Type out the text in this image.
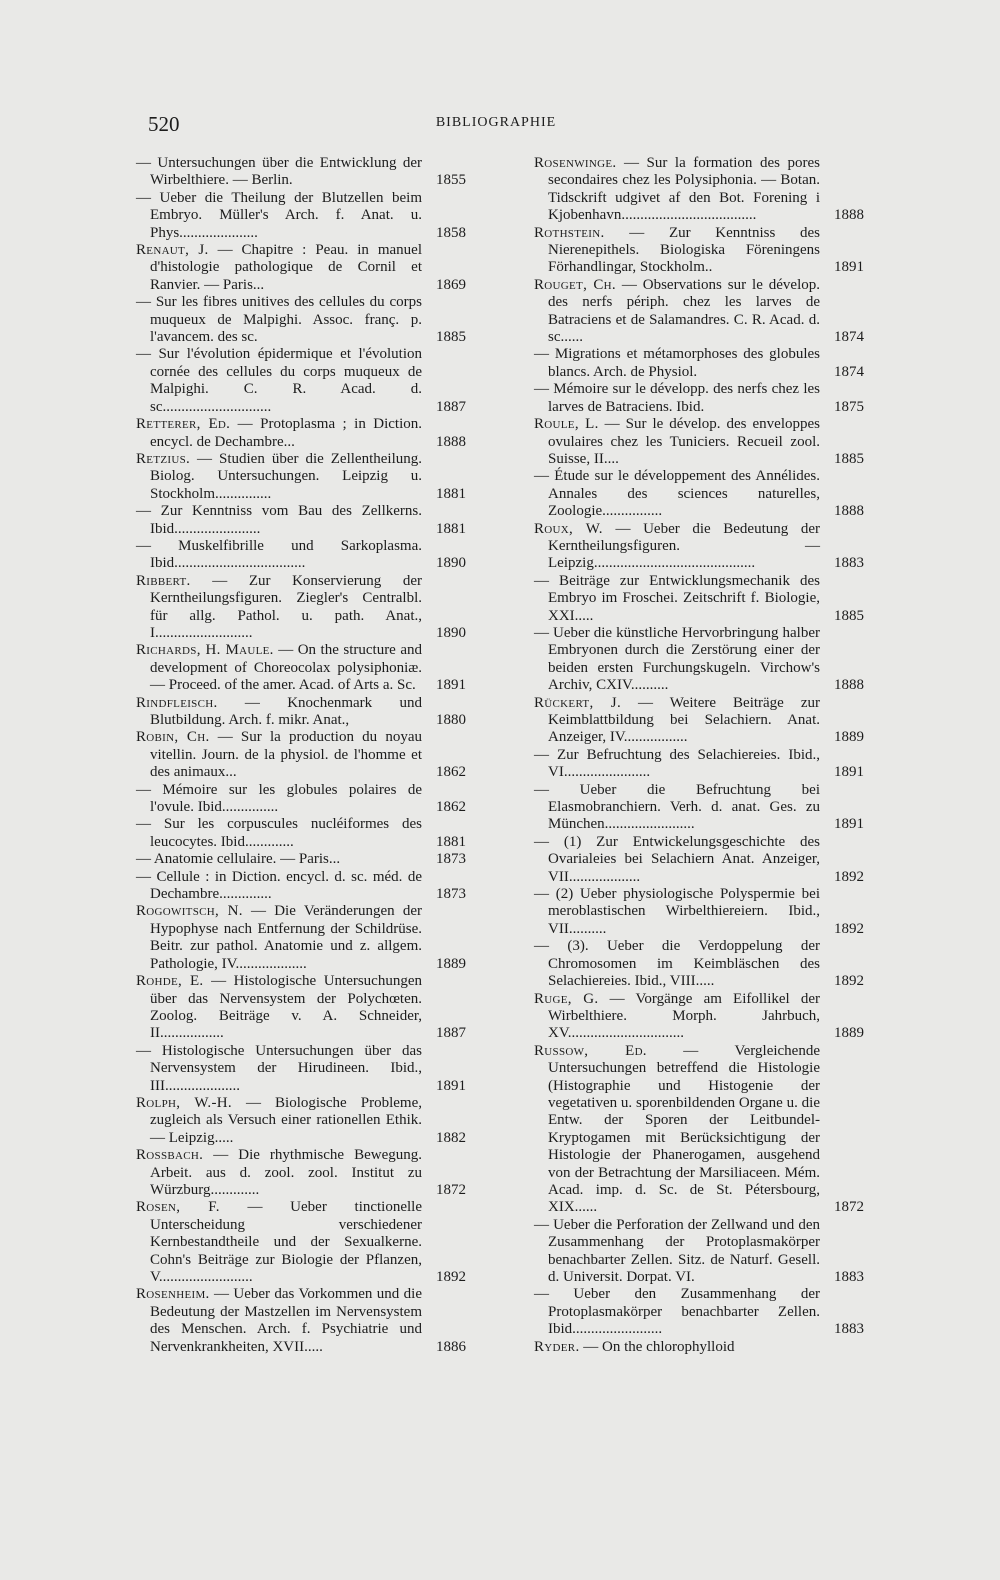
520	BIBLIOGRAPHIE
— Untersuchungen über die Entwicklung der Wirbelthiere. — Berlin.	1855
— Ueber die Theilung der Blutzellen beim Embryo. Müller's Arch. f. Anat. u. Phys.....................	1858
Renaut, J. — Chapitre : Peau. in manuel d'histologie pathologique de Cornil et Ranvier. — Paris...	1869
— Sur les fibres unitives des cellules du corps muqueux de Malpighi. Assoc. franç. p. l'avancem. des sc.	1885
— Sur l'évolution épidermique et l'évolution cornée des cellules du corps muqueux de Malpighi. C. R. Acad. d. sc.............................	1887
Retterer, Ed. — Protoplasma ; in Diction. encycl. de Dechambre...	1888
Retzius. — Studien über die Zellentheilung. Biolog. Untersuchungen. Leipzig u. Stockholm...............	1881
— Zur Kenntniss vom Bau des Zellkerns. Ibid.......................	1881
— Muskelfibrille und Sarkoplasma. Ibid...................................	1890
Ribbert. — Zur Konservierung der Kerntheilungsfiguren. Ziegler's Centralbl. für allg. Pathol. u. path. Anat., I..........................	1890
Richards, H. Maule. — On the structure and development of Choreocolax polysiphoniæ. — Proceed. of the amer. Acad. of Arts a. Sc.	1891
Rindfleisch. — Knochenmark und Blutbildung. Arch. f. mikr. Anat.,	1880
Robin, Ch. — Sur la production du noyau vitellin. Journ. de la physiol. de l'homme et des animaux...	1862
— Mémoire sur les globules polaires de l'ovule. Ibid...............	1862
— Sur les corpuscules nucléiformes des leucocytes. Ibid.............	1881
— Anatomie cellulaire. — Paris...	1873
— Cellule : in Diction. encycl. d. sc. méd. de Dechambre..............	1873
Rogowitsch, N. — Die Veränderungen der Hypophyse nach Entfernung der Schildrüse. Beitr. zur pathol. Anatomie und z. allgem. Pathologie, IV...................	1889
Rohde, E. — Histologische Untersuchungen über das Nervensystem der Polychœten. Zoolog. Beiträge v. A. Schneider, II.................	1887
— Histologische Untersuchungen über das Nervensystem der Hirudineen. Ibid., III....................	1891
Rolph, W.-H. — Biologische Probleme, zugleich als Versuch einer rationellen Ethik. — Leipzig.....	1882
Rossbach. — Die rhythmische Bewegung. Arbeit. aus d. zool. zool. Institut zu Würzburg.............	1872
Rosen, F. — Ueber tinctionelle Unterscheidung verschiedener Kernbestandtheile und der Sexualkerne. Cohn's Beiträge zur Biologie der Pflanzen, V.........................	1892
Rosenheim. — Ueber das Vorkommen und die Bedeutung der Mastzellen im Nervensystem des Menschen. Arch. f. Psychiatrie und Nervenkrankheiten, XVII.....	1886
Rosenwinge. — Sur la formation des pores secondaires chez les Polysiphonia. — Botan. Tidsckrift udgivet af den Bot. Forening i Kjobenhavn....................................	1888
Rothstein. — Zur Kenntniss des Nierenepithels. Biologiska Föreningens Förhandlingar, Stockholm..	1891
Rouget, Ch. — Observations sur le dévelop. des nerfs périph. chez les larves de Batraciens et de Salamandres. C. R. Acad. d. sc......	1874
— Migrations et métamorphoses des globules blancs. Arch. de Physiol.	1874
— Mémoire sur le développ. des nerfs chez les larves de Batraciens. Ibid.	1875
Roule, L. — Sur le dévelop. des enveloppes ovulaires chez les Tuniciers. Recueil zool. Suisse, II....	1885
— Étude sur le développement des Annélides. Annales des sciences naturelles, Zoologie................	1888
Roux, W. — Ueber die Bedeutung der Kerntheilungsfiguren. — Leipzig...........................................	1883
— Beiträge zur Entwicklungsmechanik des Embryo im Froschei. Zeitschrift f. Biologie, XXI.....	1885
— Ueber die künstliche Hervorbringung halber Embryonen durch die Zerstörung einer der beiden ersten Furchungskugeln. Virchow's Archiv, CXIV..........	1888
Rückert, J. — Weitere Beiträge zur Keimblattbildung bei Selachiern. Anat. Anzeiger, IV.................	1889
— Zur Befruchtung des Selachiereies. Ibid., VI.......................	1891
— Ueber die Befruchtung bei Elasmobranchiern. Verh. d. anat. Ges. zu München........................	1891
— (1) Zur Entwickelungsgeschichte des Ovarialeies bei Selachiern Anat. Anzeiger, VII...................	1892
— (2) Ueber physiologische Polyspermie bei meroblastischen Wirbelthiereiern. Ibid., VII..........	1892
— (3). Ueber die Verdoppelung der Chromosomen im Keimbläschen des Selachiereies. Ibid., VIII.....	1892
Ruge, G. — Vorgänge am Eifollikel der Wirbelthiere. Morph. Jahrbuch, XV...............................	1889
Russow, Ed. — Vergleichende Untersuchungen betreffend die Histologie (Histographie und Histogenie der vegetativen u. sporenbildenden Organe u. die Entw. der Sporen der Leitbundel-Kryptogamen mit Berücksichtigung der Histologie der Phanerogamen, ausgehend von der Betrachtung der Marsiliaceen. Mém. Acad. imp. d. Sc. de St. Pétersbourg, XIX......	1872
— Ueber die Perforation der Zellwand und den Zusammenhang der Protoplasmakörper benachbarter Zellen. Sitz. de Naturf. Gesell. d. Universit. Dorpat. VI.	1883
— Ueber den Zusammenhang der Protoplasmakörper benachbarter Zellen. Ibid........................	1883
Ryder. — On the chlorophylloid
